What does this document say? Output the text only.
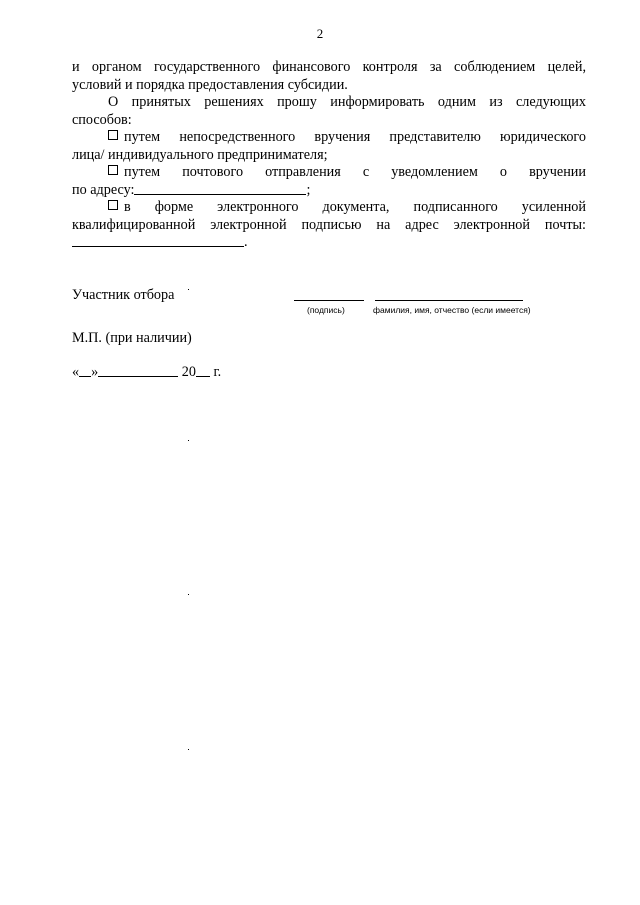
2
и органом государственного финансового контроля за соблюдением целей,
условий и порядка предоставления субсидии.
О принятых решениях прошу информировать одним из следующих
способов:
путем непосредственного вручения представителю юридического
лица/ индивидуального предпринимателя;
путем почтового отправления с уведомлением о вручении
по адресу:	;
в форме электронного документа, подписанного усиленной
квалифицированной электронной подписью на адрес электронной почты:
.
Участник отбора
(подпись)	фамилия, имя, отчество (если имеется)
М.П. (при наличии)
« »	20 г.
